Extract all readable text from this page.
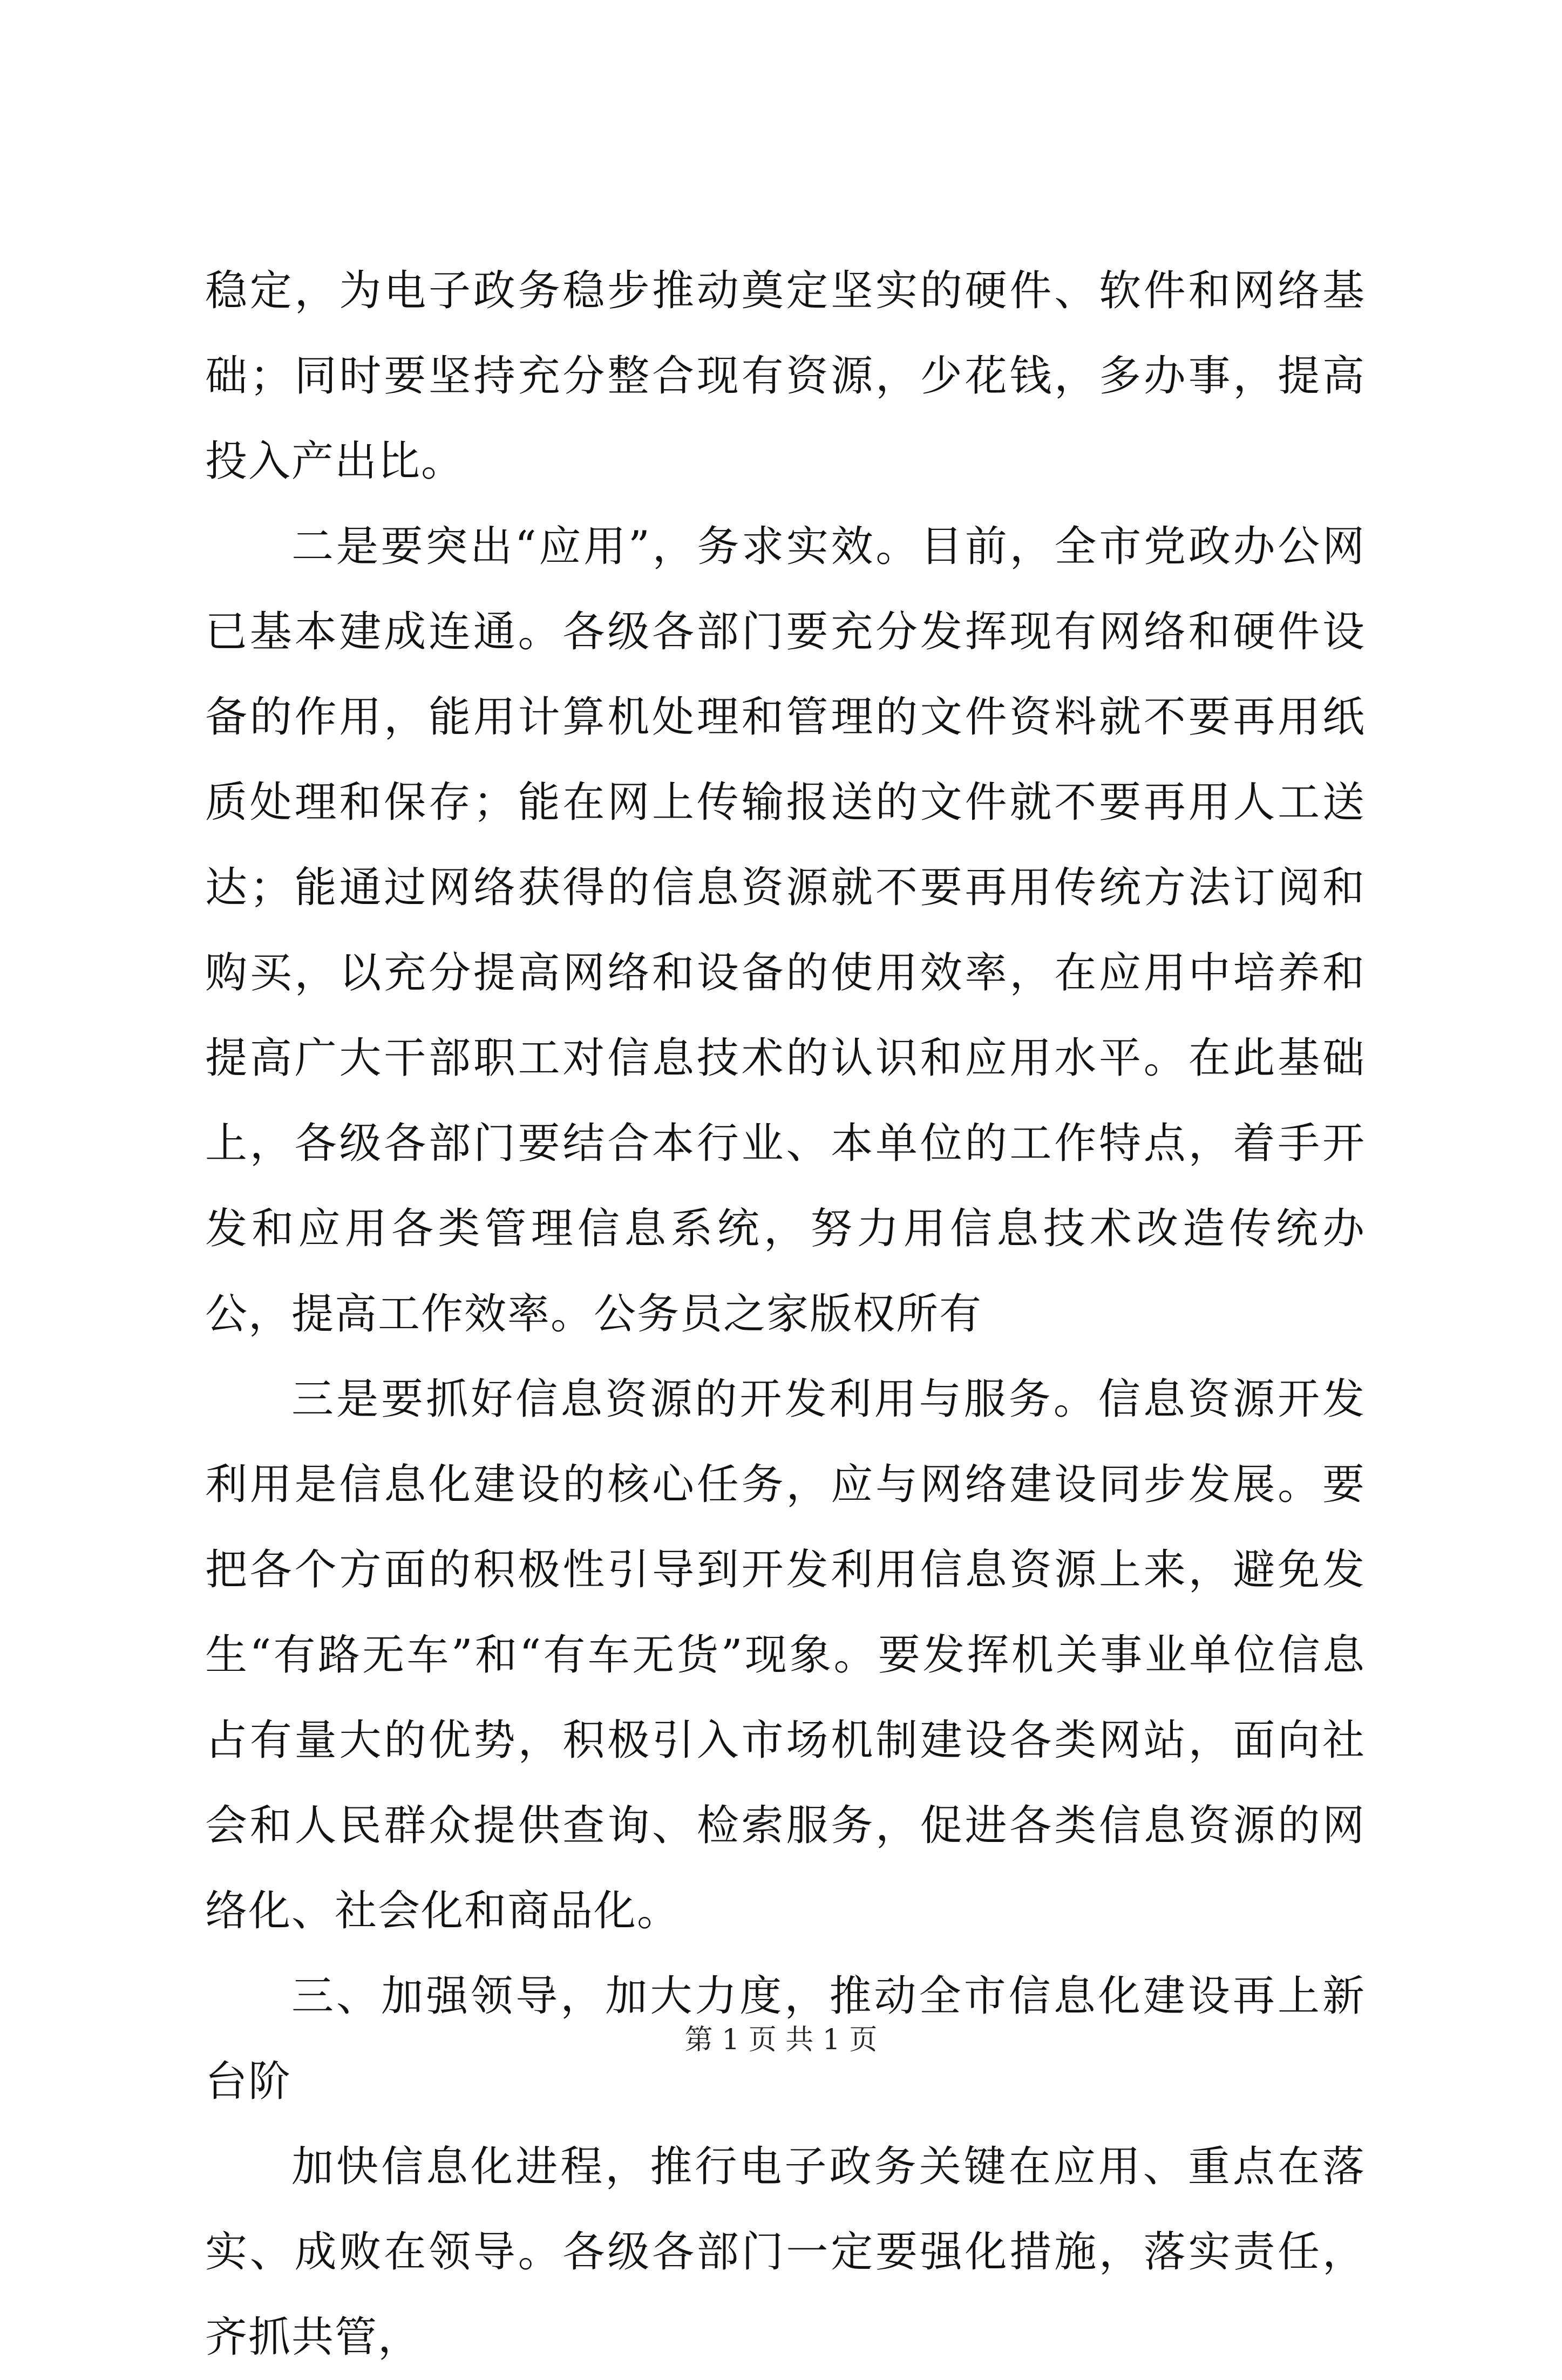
稳定，为电子政务稳步推动奠定坚实的硬件、软件和网络基础；同时要坚持充分整合现有资源，少花钱，多办事，提高投入产出比。

二是要突出“应用”，务求实效。目前，全市党政办公网已基本建成连通。各级各部门要充分发挥现有网络和硬件设备的作用，能用计算机处理和管理的文件资料就不要再用纸质处理和保存；能在网上传输报送的文件就不要再用人工送达；能通过网络获得的信息资源就不要再用传统方法订阅和购买，以充分提高网络和设备的使用效率，在应用中培养和提高广大干部职工对信息技术的认识和应用水平。在此基础上，各级各部门要结合本行业、本单位的工作特点，着手开发和应用各类管理信息系统，努力用信息技术改造传统办公，提高工作效率。公务员之家版权所有

三是要抓好信息资源的开发利用与服务。信息资源开发利用是信息化建设的核心任务，应与网络建设同步发展。要把各个方面的积极性引导到开发利用信息资源上来，避免发生“有路无车”和“有车无货”现象。要发挥机关事业单位信息占有量大的优势，积极引入市场机制建设各类网站，面向社会和人民群众提供查询、检索服务，促进各类信息资源的网络化、社会化和商品化。

三、加强领导，加大力度，推动全市信息化建设再上新台阶

加快信息化进程，推行电子政务关键在应用、重点在落实、成败在领导。各级各部门一定要强化措施，落实责任，齐抓共管，

第 1 页 共 1 页
